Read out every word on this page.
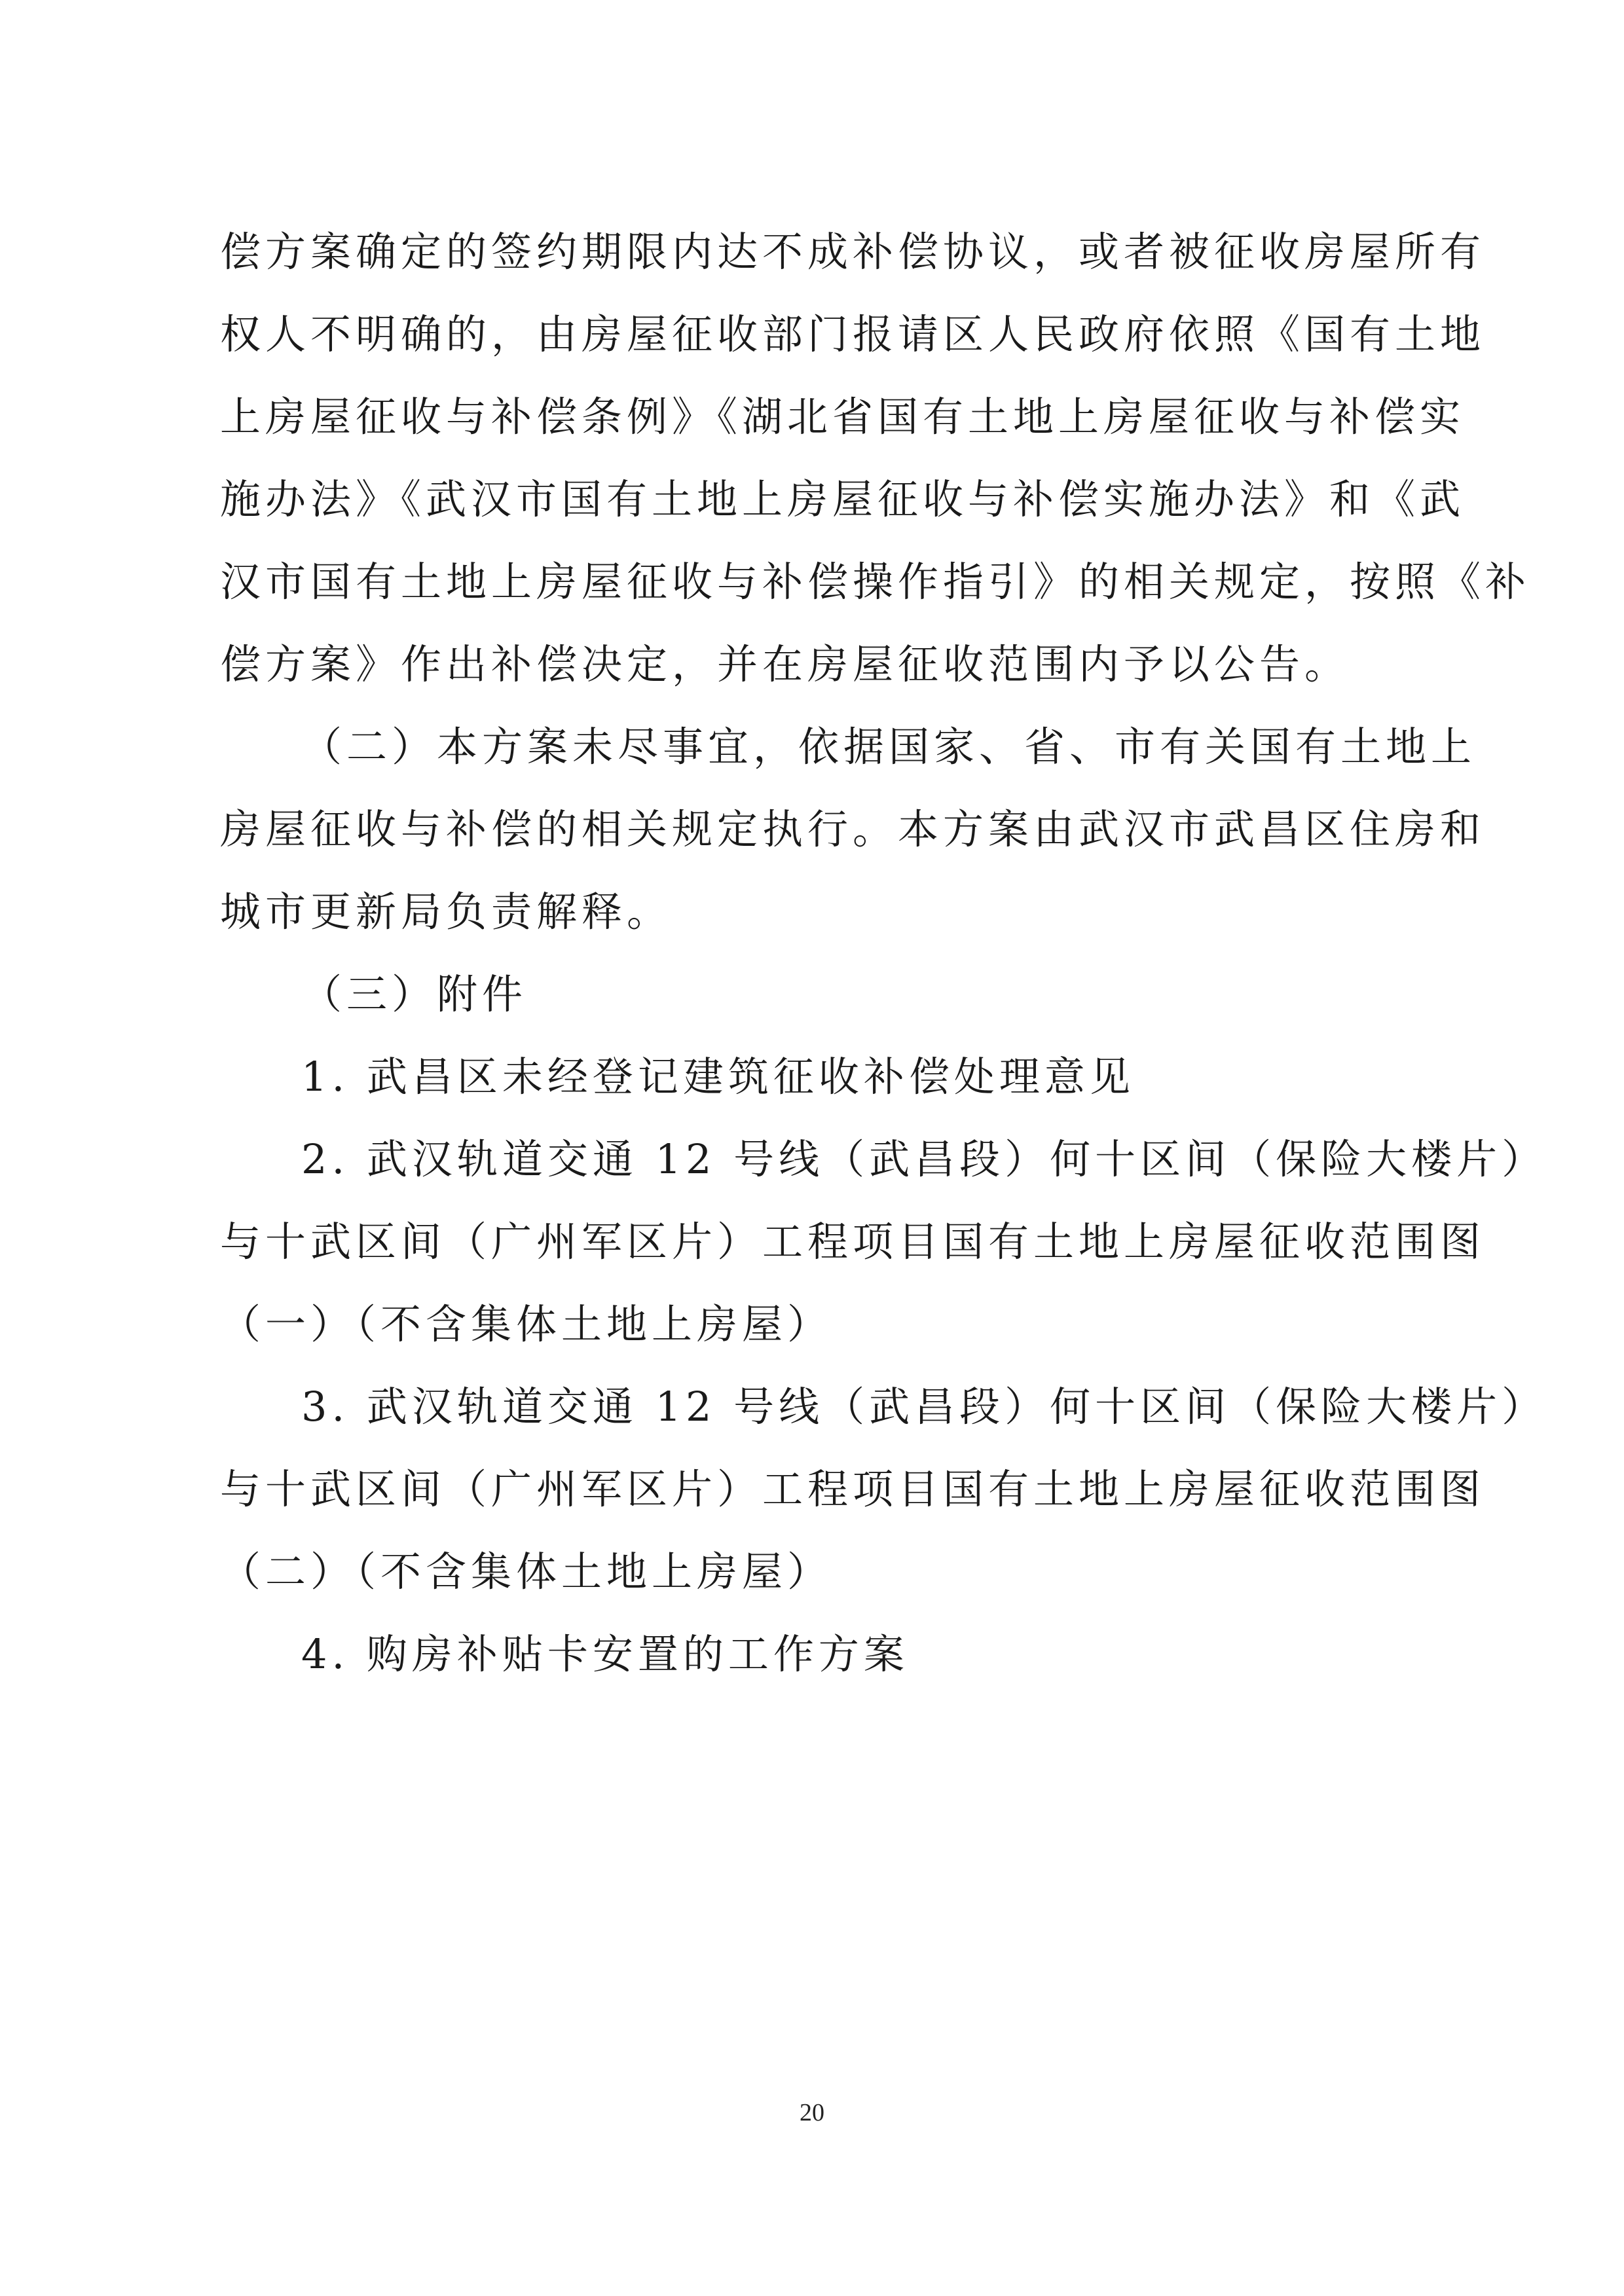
偿方案确定的签约期限内达不成补偿协议，或者被征收房屋所有
权人不明确的，由房屋征收部门报请区人民政府依照《国有土地
上房屋征收与补偿条例》《湖北省国有土地上房屋征收与补偿实
施办法》《武汉市国有土地上房屋征收与补偿实施办法》和《武
汉市国有土地上房屋征收与补偿操作指引》的相关规定，按照《补
偿方案》作出补偿决定，并在房屋征收范围内予以公告。
（二）本方案未尽事宜，依据国家、省、市有关国有土地上
房屋征收与补偿的相关规定执行。本方案由武汉市武昌区住房和
城市更新局负责解释。
（三）附件
1. 武昌区未经登记建筑征收补偿处理意见
2. 武汉轨道交通 12 号线（武昌段）何十区间（保险大楼片）
与十武区间（广州军区片）工程项目国有土地上房屋征收范围图
（一）（不含集体土地上房屋）
3. 武汉轨道交通 12 号线（武昌段）何十区间（保险大楼片）
与十武区间（广州军区片）工程项目国有土地上房屋征收范围图
（二）（不含集体土地上房屋）
4. 购房补贴卡安置的工作方案
20
